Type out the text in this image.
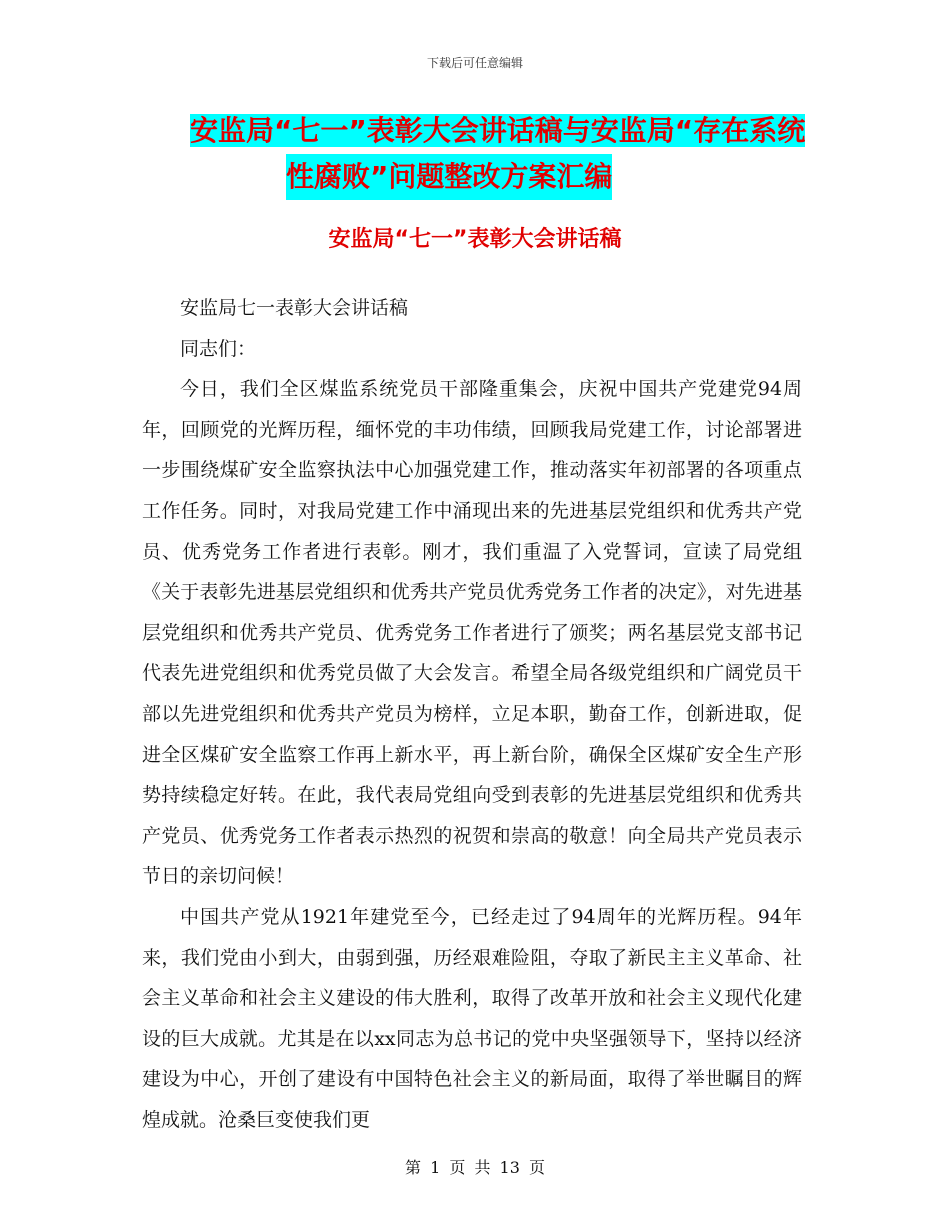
下载后可任意编辑
安监局“七一”表彰大会讲话稿与安监局“存在系统
性腐败”问题整改方案汇编
安监局“七一”表彰大会讲话稿

安监局七一表彰大会讲话稿

同志们：

今日，我们全区煤监系统党员干部隆重集会，庆祝中国共产党建党94周年，回顾党的光辉历程，缅怀党的丰功伟绩，回顾我局党建工作，讨论部署进一步围绕煤矿安全监察执法中心加强党建工作，推动落实年初部署的各项重点工作任务。同时，对我局党建工作中涌现出来的先进基层党组织和优秀共产党员、优秀党务工作者进行表彰。刚才，我们重温了入党誓词，宣读了局党组《关于表彰先进基层党组织和优秀共产党员优秀党务工作者的决定》，对先进基层党组织和优秀共产党员、优秀党务工作者进行了颁奖；两名基层党支部书记代表先进党组织和优秀党员做了大会发言。希望全局各级党组织和广阔党员干部以先进党组织和优秀共产党员为榜样，立足本职，勤奋工作，创新进取，促进全区煤矿安全监察工作再上新水平，再上新台阶，确保全区煤矿安全生产形势持续稳定好转。在此，我代表局党组向受到表彰的先进基层党组织和优秀共产党员、优秀党务工作者表示热烈的祝贺和崇高的敬意！向全局共产党员表示节日的亲切问候！

中国共产党从1921年建党至今，已经走过了94周年的光辉历程。94年来，我们党由小到大，由弱到强，历经艰难险阻，夺取了新民主主义革命、社会主义革命和社会主义建设的伟大胜利，取得了改革开放和社会主义现代化建设的巨大成就。尤其是在以xx同志为总书记的党中央坚强领导下，坚持以经济建设为中心，开创了建设有中国特色社会主义的新局面，取得了举世瞩目的辉煌成就。沧桑巨变使我们更

第 1 页 共 13 页
